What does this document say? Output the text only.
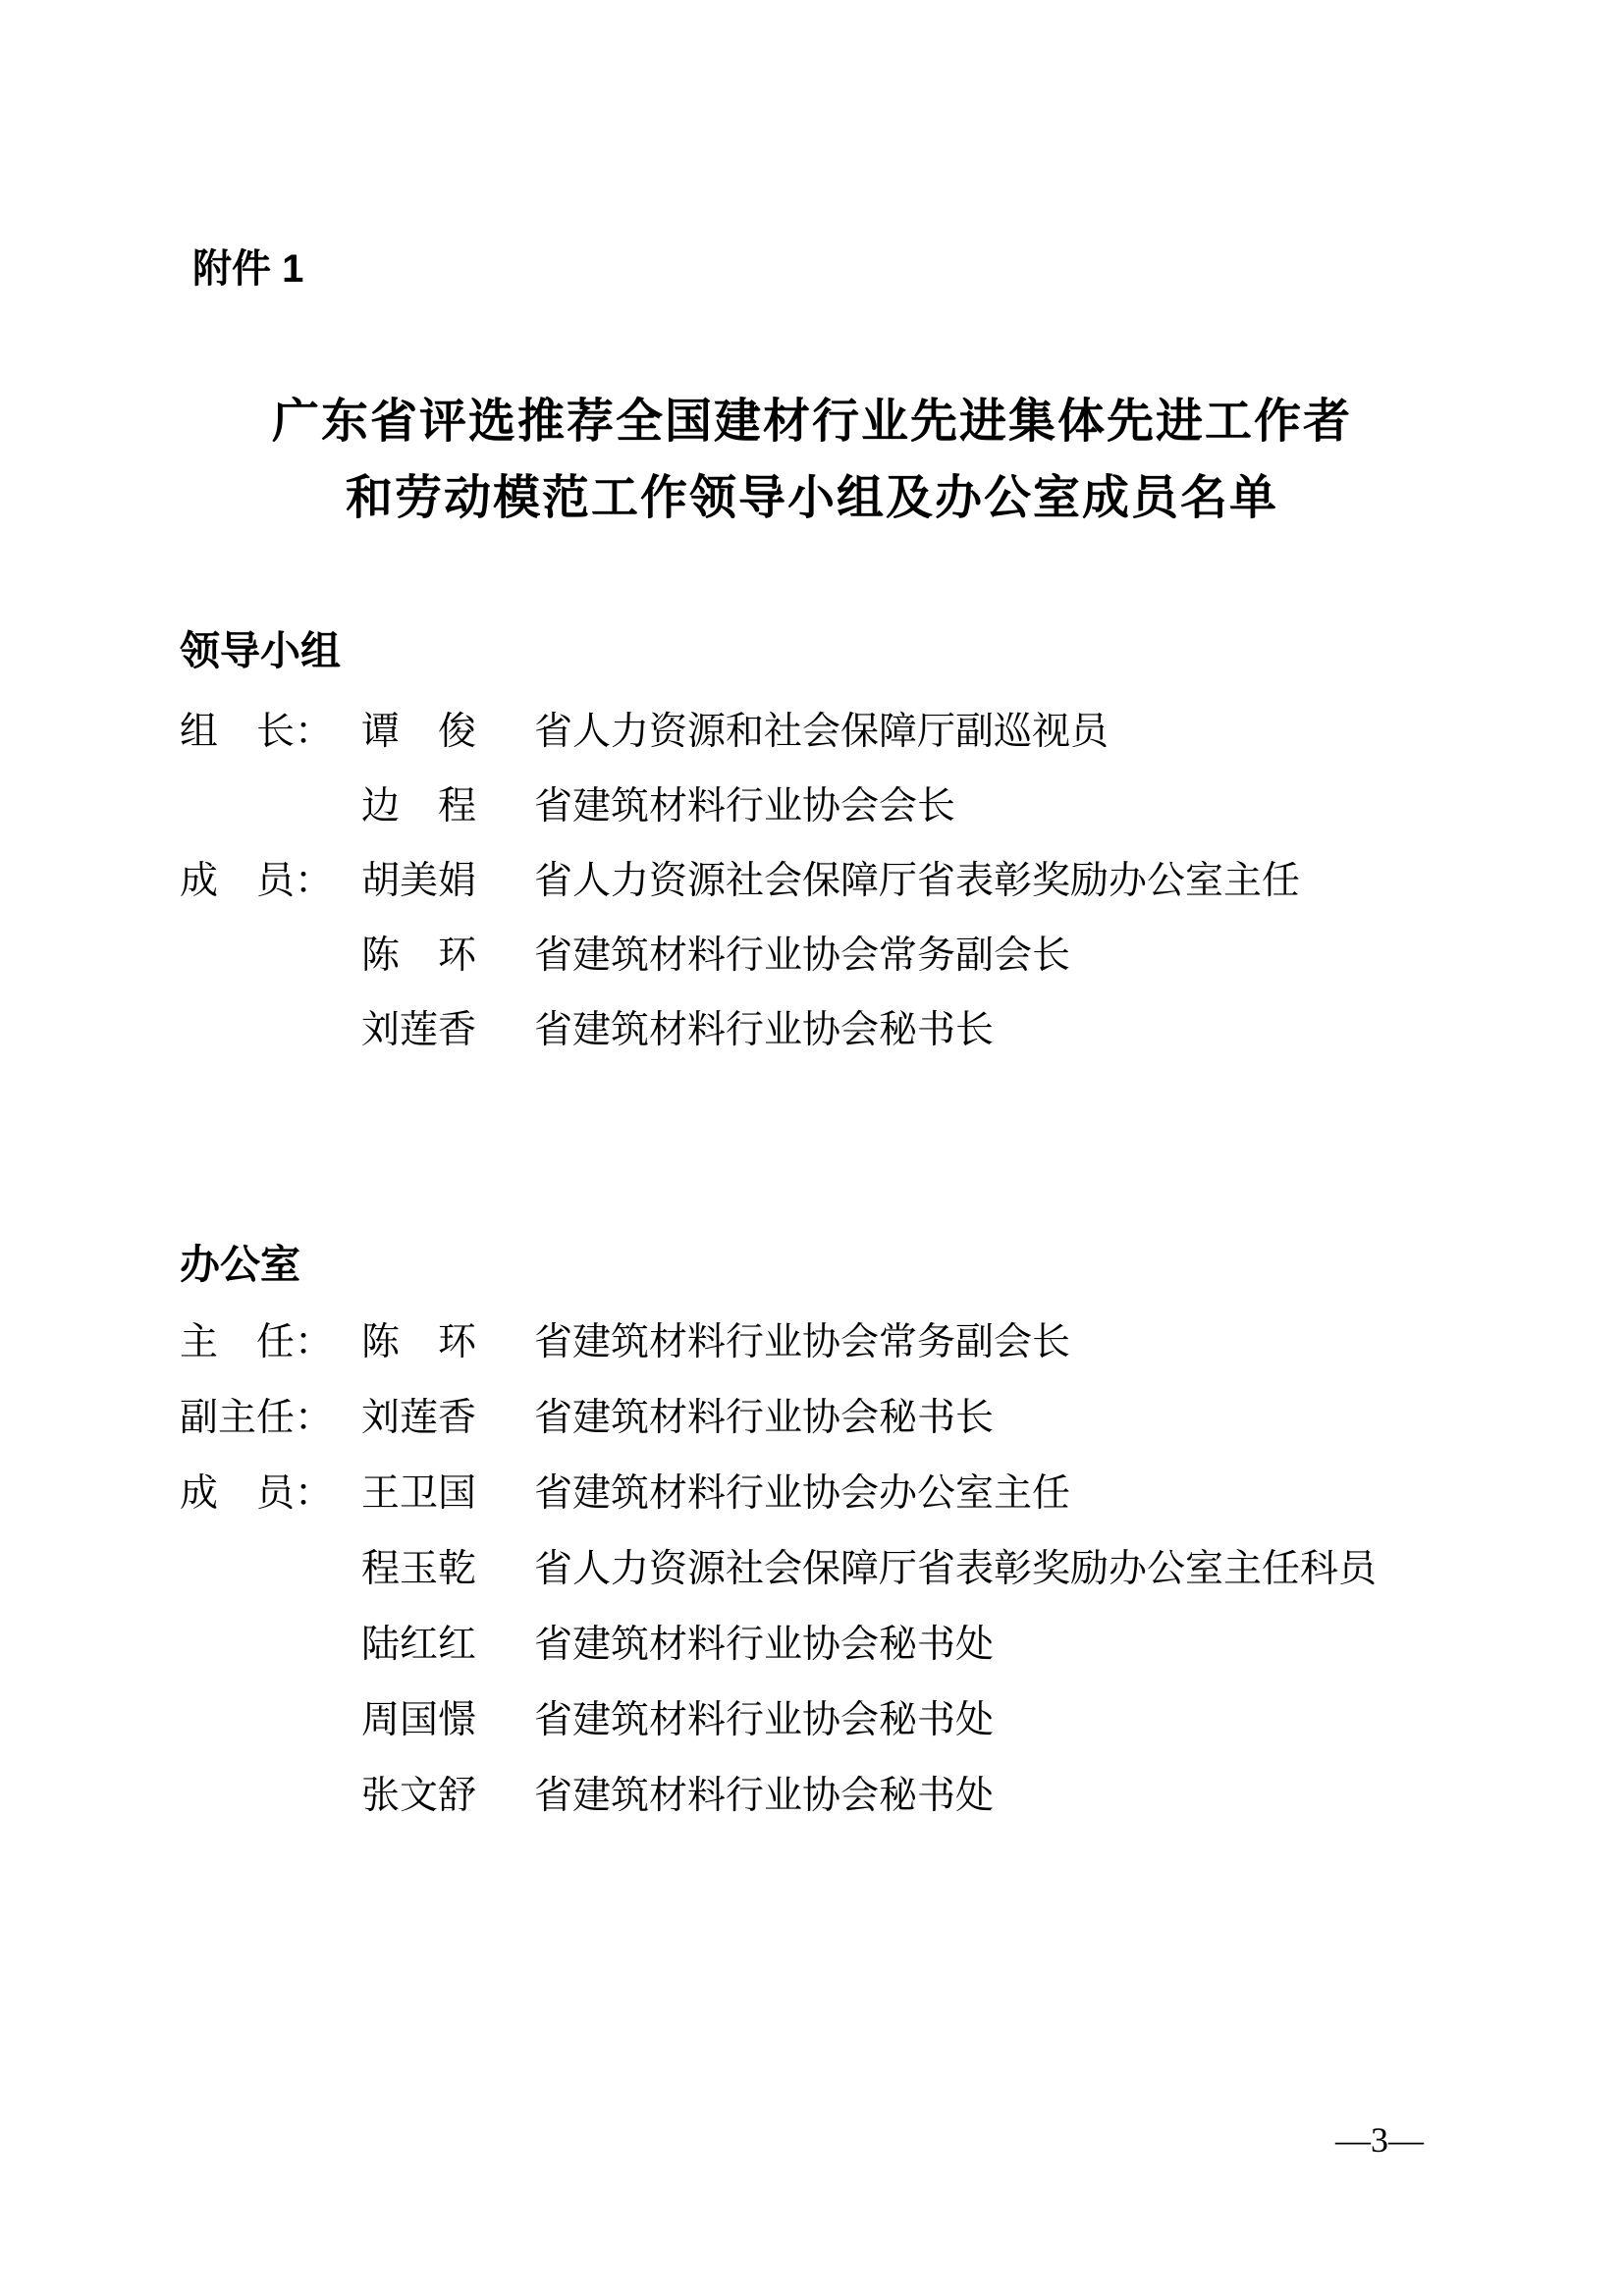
附件 1
广东省评选推荐全国建材行业先进集体先进工作者
和劳动模范工作领导小组及办公室成员名单
领导小组

组　长：

谭　俊

省人力资源和社会保障厅副巡视员

边　程

省建筑材料行业协会会长

成　员：

胡美娟

省人力资源社会保障厅省表彰奖励办公室主任

陈　环

省建筑材料行业协会常务副会长

刘莲香

省建筑材料行业协会秘书长

办公室

主　任：

陈　环

省建筑材料行业协会常务副会长

副主任：

刘莲香

省建筑材料行业协会秘书长

成　员：

王卫国

省建筑材料行业协会办公室主任

程玉乾

省人力资源社会保障厅省表彰奖励办公室主任科员

陆红红

省建筑材料行业协会秘书处

周国憬

省建筑材料行业协会秘书处

张文舒

省建筑材料行业协会秘书处

—3—
